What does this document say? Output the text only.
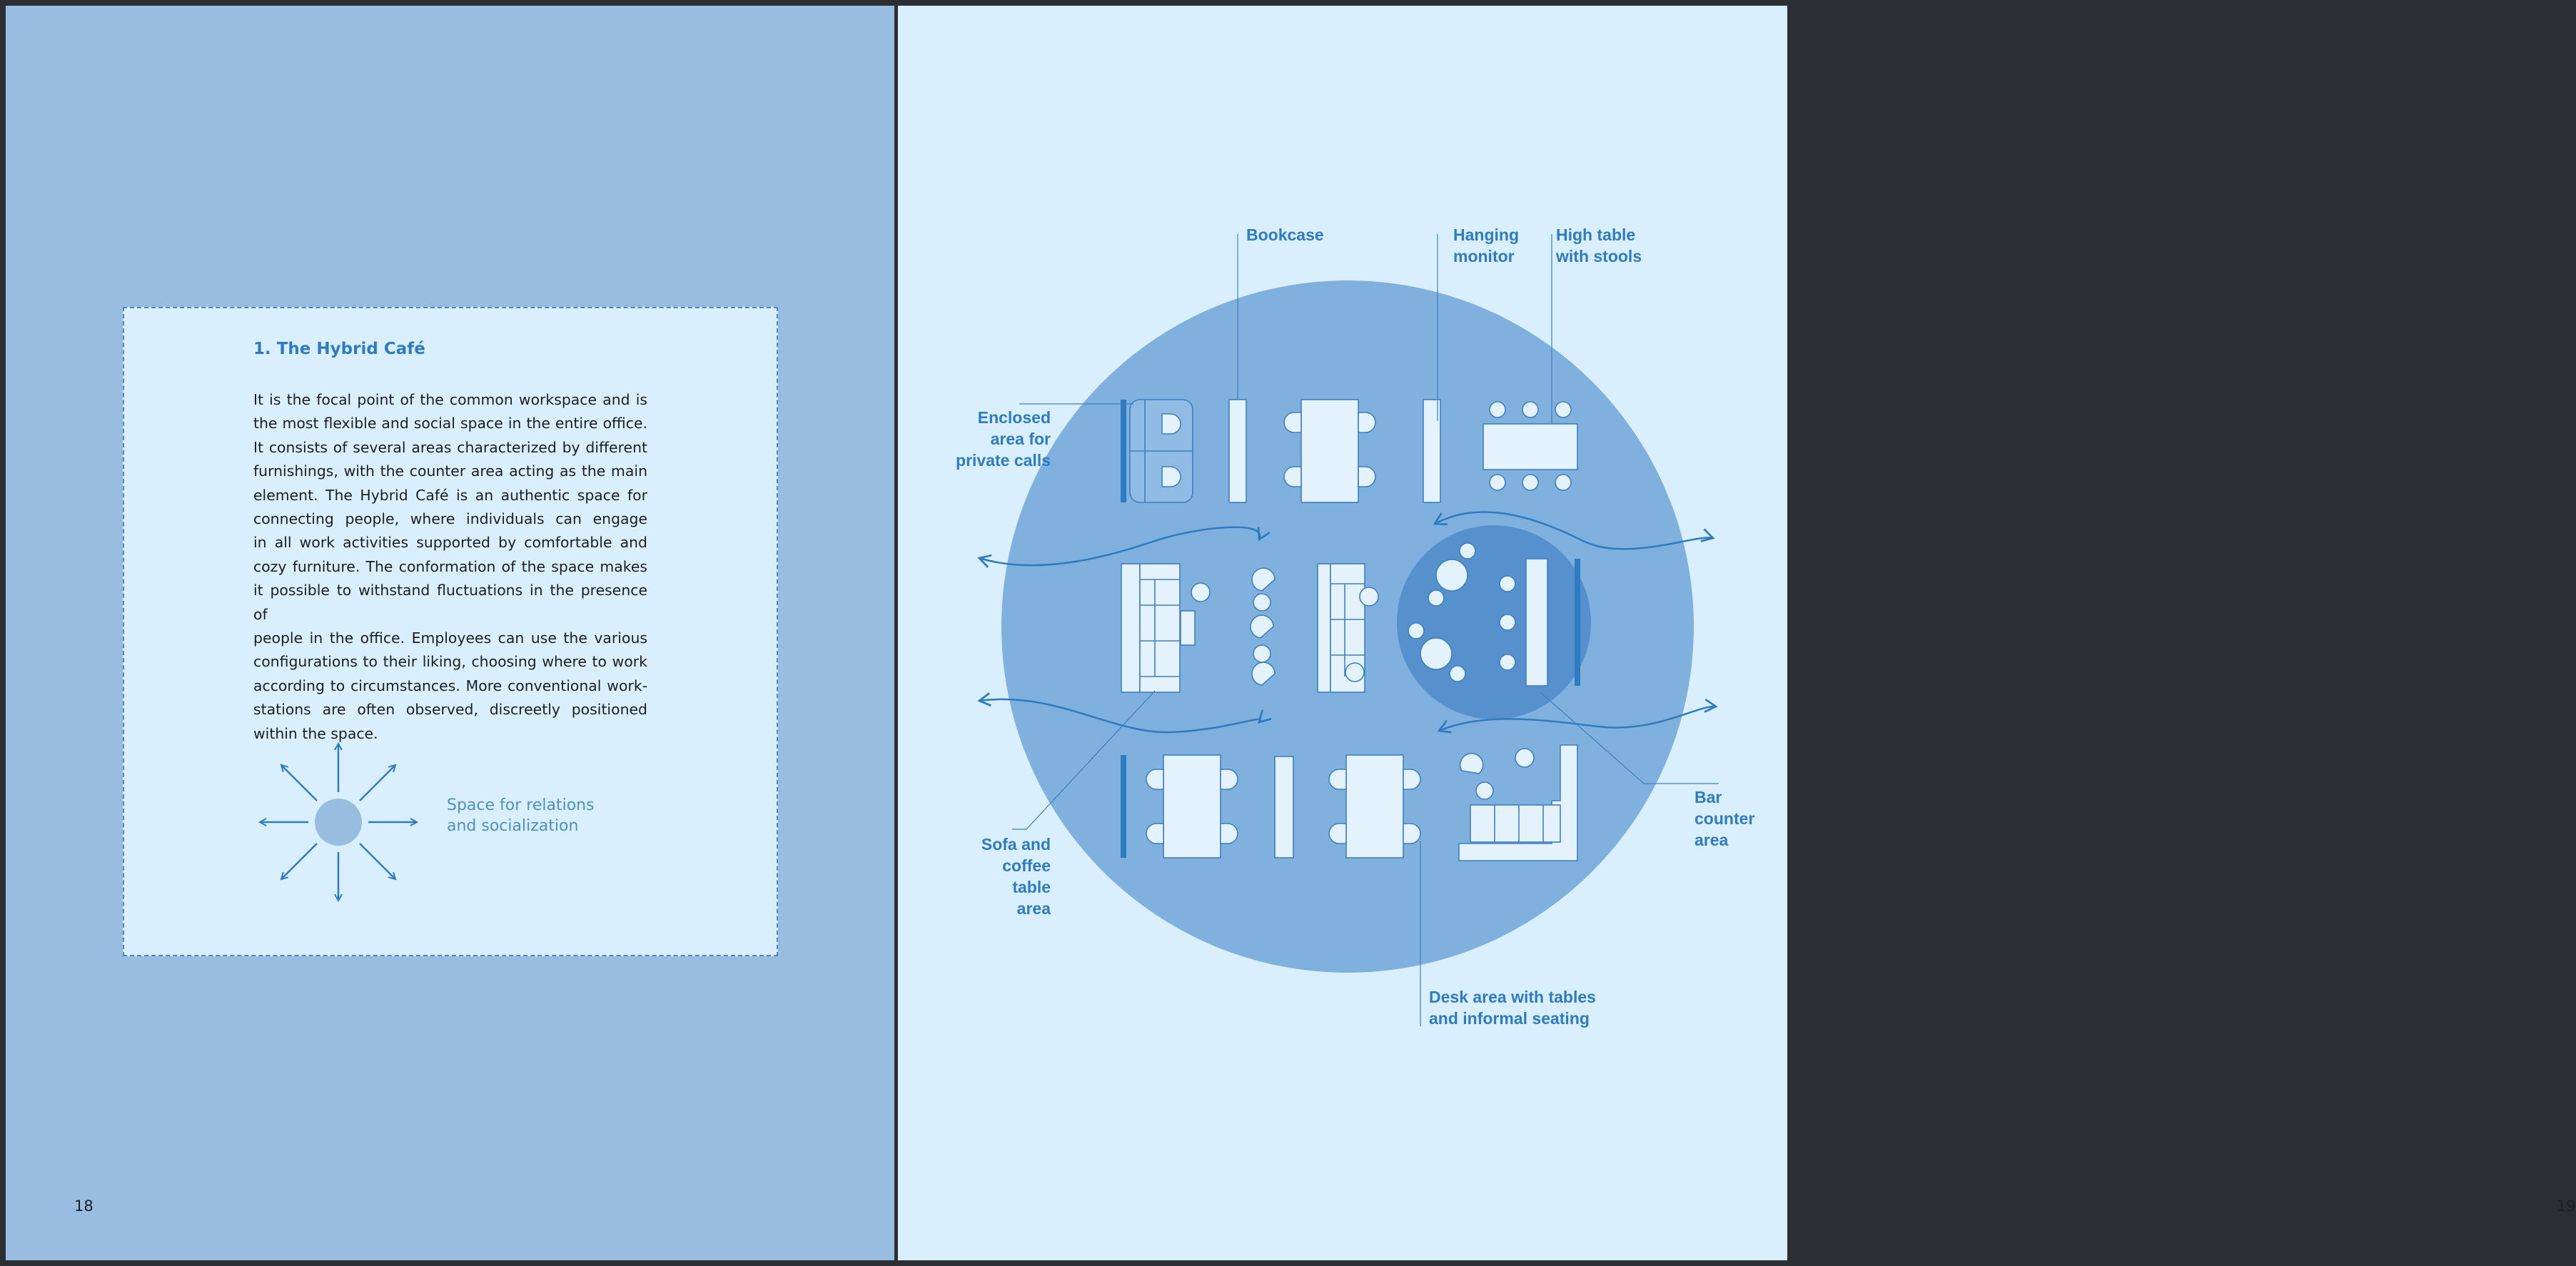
1. The Hybrid Café

It is the focal point of the common workspace and is
the most flexible and social space in the entire office.
It consists of several areas characterized by different
furnishings, with the counter area acting as the main
element. The Hybrid Café is an authentic space for
connecting people, where individuals can engage
in all work activities supported by comfortable and
cozy furniture. The conformation of the space makes
it possible to withstand fluctuations in the presence of
people in the office. Employees can use the various
configurations to their liking, choosing where to work
according to circumstances. More conventional work-
stations are often observed, discreetly positioned
within the space.

Space for relations
and socialization

18

Bookcase	Hanging
monitor

High table
with stools

Enclosed
area for
private calls

Bar
counter
area

Sofa and
coffee
table
area

Desk area with tables
and informal seating

19
